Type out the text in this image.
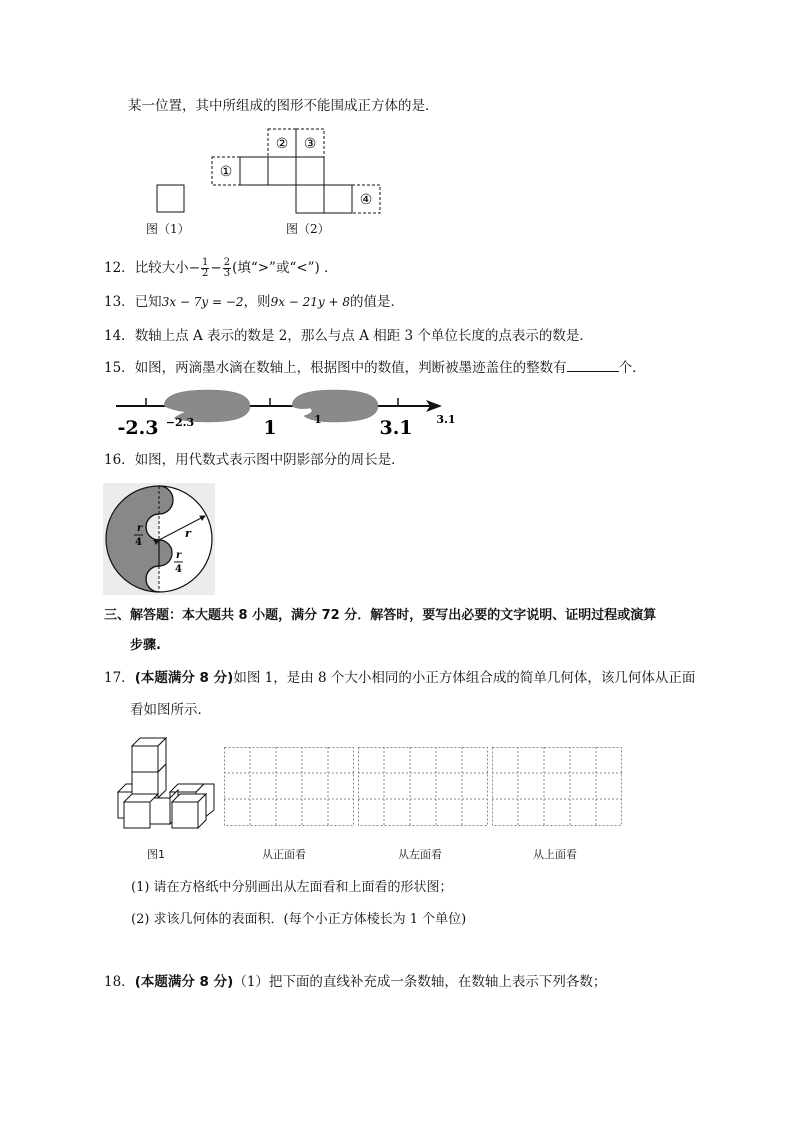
某一位置，其中所组成的图形不能围成正方体的是．
①
② ③
④
图（1）	图（2）
12．比较大小− $\frac{1}{2} - \frac{2}{3}$ (填“>”或“<”) ．
13．已知3x − 7y = −2，则9x − 21y + 8的值是．
14．数轴上点 A 表示的数是 2，那么与点 A 相距 3 个单位长度的点表示的数是．
15．如图，两滴墨水滴在数轴上，根据图中的数值，判断被墨迹盖住的整数有	个．
-2.3 −2.3	1	1	3.1 3.1
16．如图，用代数式表示图中阴影部分的周长是．
r
r
4
r
4
三、解答题：本大题共 8 小题，满分 72 分．解答时，要写出必要的文字说明、证明过程或演算
步骤.
17．(本题满分 8 分)如图 1，是由 8 个大小相同的小正方体组合成的简单几何体，该几何体从正面
看如图所示．
图1	从正面看	从左面看	从上面看
(1) 请在方格纸中分别画出从左面看和上面看的形状图；
(2) 求该几何体的表面积．(每个小正方体棱长为 1 个单位)
18．(本题满分 8 分)（1）把下面的直线补充成一条数轴，在数轴上表示下列各数；
